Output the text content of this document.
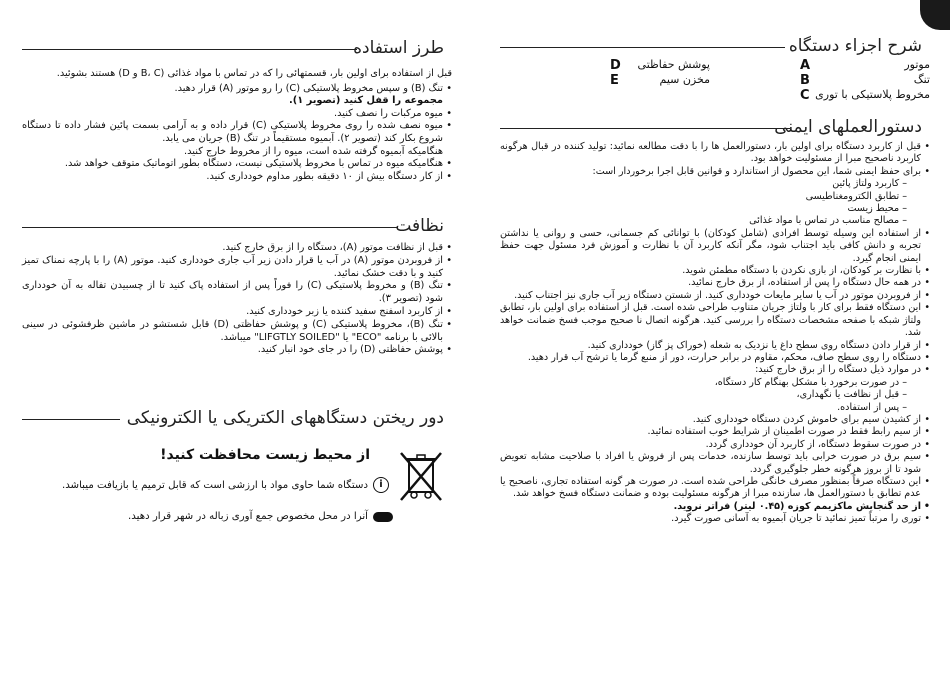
شرح اجزاء دستگاه
A	موتور
B	تنگ
C مخروط پلاستیکی با توری
D پوشش حفاظتی
E	مخزن سیم
دستورالعملهای ایمنی
• قبل از کاربرد دستگاه برای اولین بار، دستورالعمل ها را با دقت مطالعه نمائید: تولید کننده در قبال هرگونه کاربرد ناصحیح مبرا از مسئولیت خواهد بود.
• برای حفظ ایمنی شما، این محصول از استاندارد و قوانین قابل اجرا برخوردار است:
– کاربرد ولتاژ پائین
– تطابق الکترومغناطیسی
– محیط زیست
– مصالح مناسب در تماس با مواد غذائی
• از استفاده این وسیله توسط افرادی (شامل کودکان) با توانائی کم جسمانی، حسی و روانی یا نداشتن تجربه و دانش کافی باید اجتناب شود، مگر آنکه کاربرد آن با نظارت و آموزش فرد مسئول جهت حفظ ایمنی انجام گیرد.
• با نظارت بر کودکان، از بازی نکردن با دستگاه مطمئن شوید.
• در همه حال دستگاه را پس از استفاده، از برق خارج نمائید.
• از فروبردن موتور در آب یا سایر مایعات خودداری کنید. از شستن دستگاه زیر آب جاری نیز اجتناب کنید.
• این دستگاه فقط برای کار با ولتاژ جریان متناوب طراحی شده است. قبل از استفاده برای اولین بار، تطابق ولتاژ شبکه با صفحه مشخصات دستگاه را بررسی کنید. هرگونه اتصال نا صحیح موجب فسخ ضمانت خواهد شد.
• از قرار دادن دستگاه روی سطح داغ یا نزدیک به شعله (خوراک پز گاز) خودداری کنید.
• دستگاه را روی سطح صاف، محکم، مقاوم در برابر حرارت، دور از منبع گرما یا ترشح آب قرار دهید.
• در موارد ذیل دستگاه را از برق خارج کنید:
– در صورت برخورد با مشکل بهنگام کار دستگاه،
– قبل از نظافت یا نگهداری،
– پس از استفاده.
• از کشیدن سیم برای خاموش کردن دستگاه خودداری کنید.
• از سیم رابط فقط در صورت اطمینان از شرایط خوب استفاده نمائید.
• در صورت سقوط دستگاه، از کاربرد آن خودداری گردد.
• سیم برق در صورت خرابی باید توسط سازنده، خدمات پس از فروش یا افراد با صلاحیت مشابه تعویض شود تا از بروز هرگونه خطر جلوگیری گردد.
• این دستگاه صرفاً بمنظور مصرف خانگی طراحی شده است. در صورت هر گونه استفاده تجاری، ناصحیح یا عدم تطابق با دستورالعمل ها، سازنده مبرا از هرگونه مسئولیت بوده و ضمانت دستگاه فسخ خواهد شد.
• از حد گنجایش ماکزیمم کوزه (۰.۴۵ لیتر) فراتر نروید.
• توری را مرتباً تمیز نمائید تا جریان آبمیوه به آسانی صورت گیرد.
طرز استفاده
قبل از استفاده برای اولین بار، قسمتهائی را که در تماس با مواد غذائی (B، C و D) هستند بشوئید.
• تنگ (B) و سپس مخروط پلاستیکی (C) را رو موتور (A) قرار دهید.
مجموعه را قفل کنید (تصویر ۱).
• میوه مرکبات را نصف کنید.
• میوه نصف شده را روی مخروط پلاستیکی (C) قرار داده و به آرامی بسمت پائین فشار داده تا دستگاه شروع بکار کند (تصویر ۲). آبمیوه مستقیماً در تنگ (B) جریان می یابد.
هنگامیکه آبمیوه گرفته شده است، میوه را از مخروط خارج کنید.
• هنگامیکه میوه در تماس با مخروط پلاستیکی نیست، دستگاه بطور اتوماتیک متوقف خواهد شد.
• از کار دستگاه بیش از ۱۰ دقیقه بطور مداوم خودداری کنید.
نظافت
• قبل از نظافت موتور (A)، دستگاه را از برق خارج کنید.
• از فروبردن موتور (A) در آب یا قرار دادن زیر آب جاری خودداری کنید. موتور (A) را با پارچه نمناک تمیز کنید و با دقت خشک نمائید.
• تنگ (B) و مخروط پلاستیکی (C) را فوراً پس از استفاده پاک کنید تا از چسبیدن تفاله به آن خودداری شود (تصویر ۳).
• از کاربرد اسفنج سفید کننده یا زبر خودداری کنید.
• تنگ (B)، مخروط پلاستیکی (C) و پوشش حفاظتی (D) قابل شستشو در ماشین ظرفشوئی در سینی بالائی با برنامه "ECO" یا "LIFGTLY SOILED" میباشد.
• پوشش حفاظتی (D) را در جای خود انبار کنید.
دور ریختن دستگاههای الکتریکی یا الکترونیکی
از محیط زیست محافظت کنید!
i
دستگاه شما حاوی مواد با ارزشی است که قابل ترمیم یا بازیافت میباشد.
آنرا در محل مخصوص جمع آوری زباله در شهر قرار دهید.
